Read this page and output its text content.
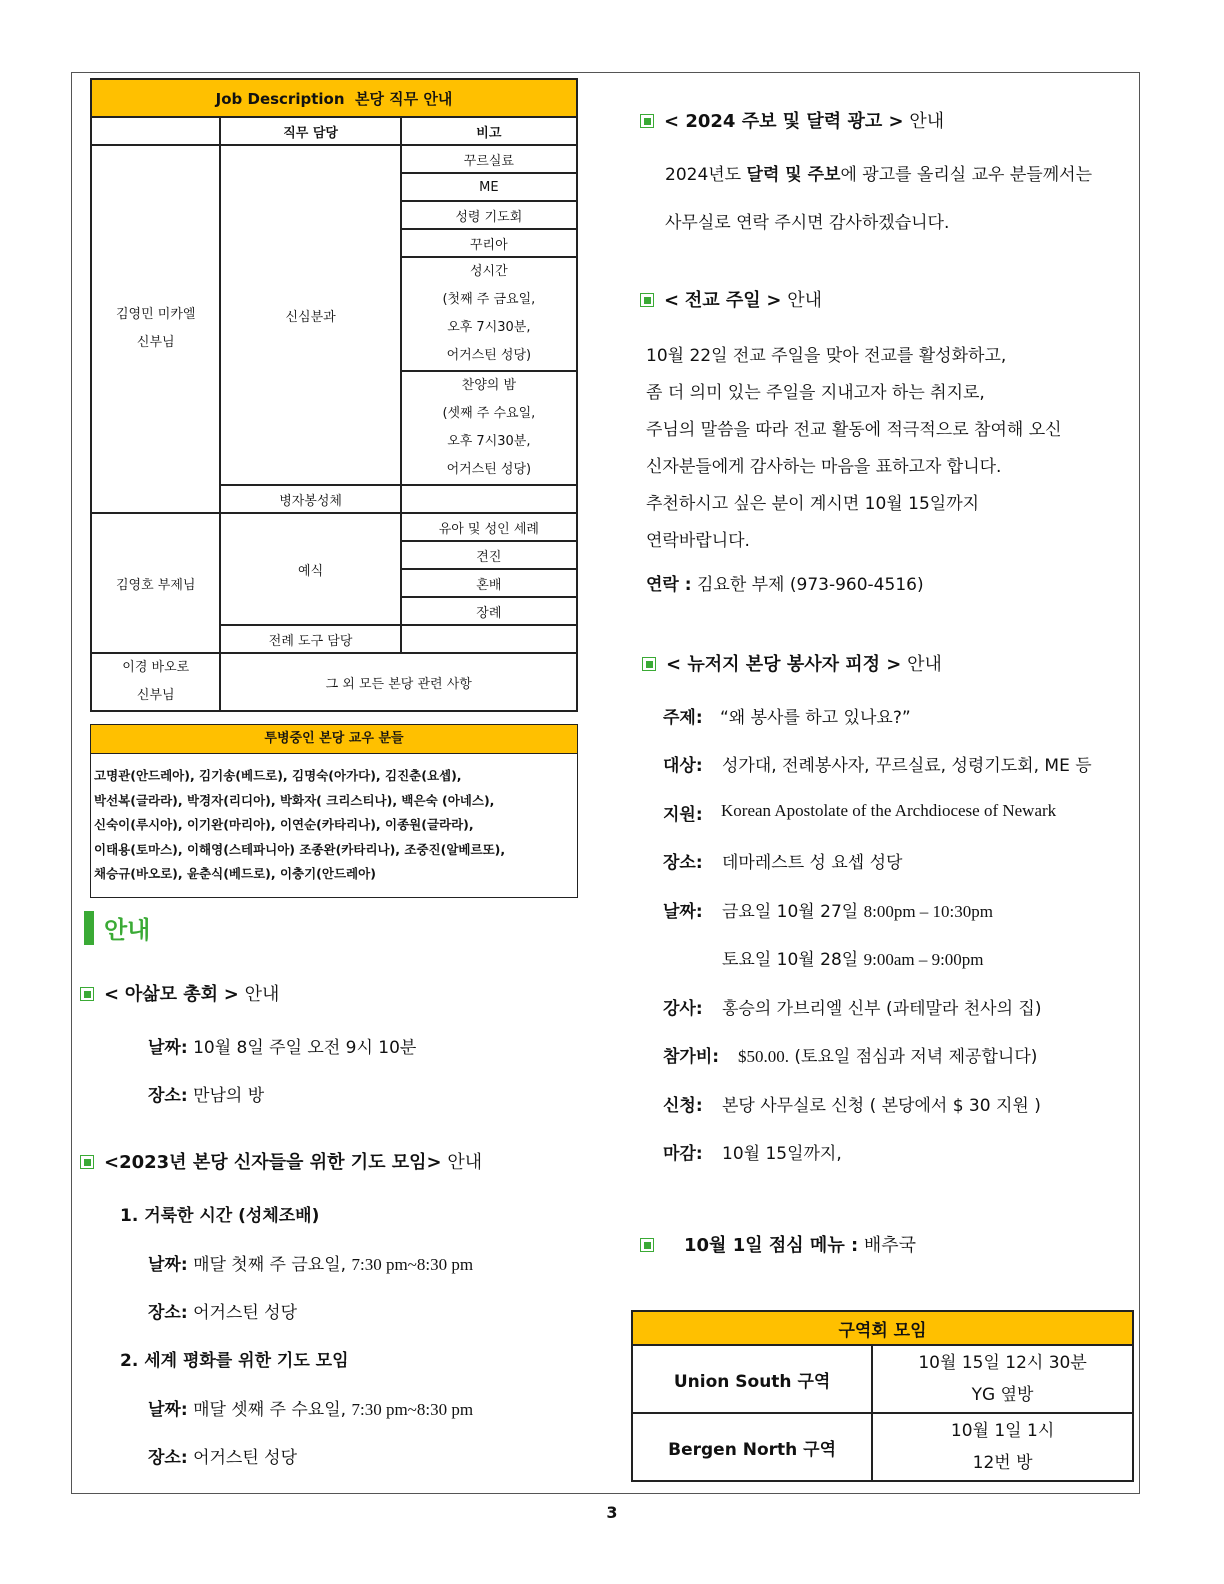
Job Description 본당 직무 안내		
	직무 담당	비고

김영민 미카엘
신부님	신심분과	꾸르실료
		ME
		성령 기도회
		꾸리아

		성시간
(첫째 주 금요일,
오후 7시30분,
어거스틴 성당)

		찬양의 밤
(셋째 주 수요일,
오후 7시30분,
어거스틴 성당)

	병자봉성체	
김영호 부제님	예식	유아 및 성인 세례
		견진
		혼배
		장례
	전례 도구 담당	

이경 바오로
신부님	그 외 모든 본당 관련 사항	
투병중인 본당 교우 분들
고명관(안드레아), 김기송(베드로), 김명숙(아가다), 김진춘(요셉),
박선복(글라라), 박경자(리디아), 박화자( 크리스티나), 백은숙 (아네스),
신숙이(루시아), 이기완(마리아), 이연순(카타리나), 이종원(글라라),
이태용(토마스), 이해영(스테파니아) 조종완(카타리나), 조중진(알베르또),
채승규(바오로), 윤춘식(베드로), 이충기(안드레아)
안내
< 아삶모 총회 > 안내
날짜: 10월 8일 주일 오전 9시 10분
장소: 만남의 방
<2023년 본당 신자들을 위한 기도 모임> 안내
1. 거룩한 시간 (성체조배)
날짜: 매달 첫째 주 금요일, 7:30 pm~8:30 pm
장소: 어거스틴 성당
2. 세계 평화를 위한 기도 모임
날짜: 매달 셋째 주 수요일, 7:30 pm~8:30 pm
장소: 어거스틴 성당
< 2024 주보 및 달력 광고 > 안내
2024년도 달력 및 주보에 광고를 올리실 교우 분들께서는
사무실로 연락 주시면 감사하겠습니다.
< 전교 주일 > 안내
10월 22일 전교 주일을 맞아 전교를 활성화하고,
좀 더 의미 있는 주일을 지내고자 하는 취지로,
주님의 말씀을 따라 전교 활동에 적극적으로 참여해 오신
신자분들에게 감사하는 마음을 표하고자 합니다.
추천하시고 싶은 분이 계시면 10월 15일까지
연락바랍니다.
연락 : 김요한 부제 (973-960-4516)
< 뉴저지 본당 봉사자 피정 > 안내
주제: “왜 봉사를 하고 있나요?”
대상: 성가대, 전례봉사자, 꾸르실료, 성령기도회, ME 등
지원: Korean Apostolate of the Archdiocese of Newark
장소: 데마레스트 성 요셉 성당
날짜: 금요일 10월 27일 8:00pm – 10:30pm
토요일 10월 28일 9:00am – 9:00pm
강사: 홍승의 가브리엘 신부 (과테말라 천사의 집)
참가비: $50.00. (토요일 점심과 저녁 제공합니다)
신청: 본당 사무실로 신청 ( 본당에서 $ 30 지원 )
마감: 10월 15일까지,
10월 1일 점심 메뉴 : 배추국
구역회 모임	
Union South 구역	10월 15일 12시 30분
YG 옆방

Bergen North 구역	10월 1일 1시
12번 방
3
